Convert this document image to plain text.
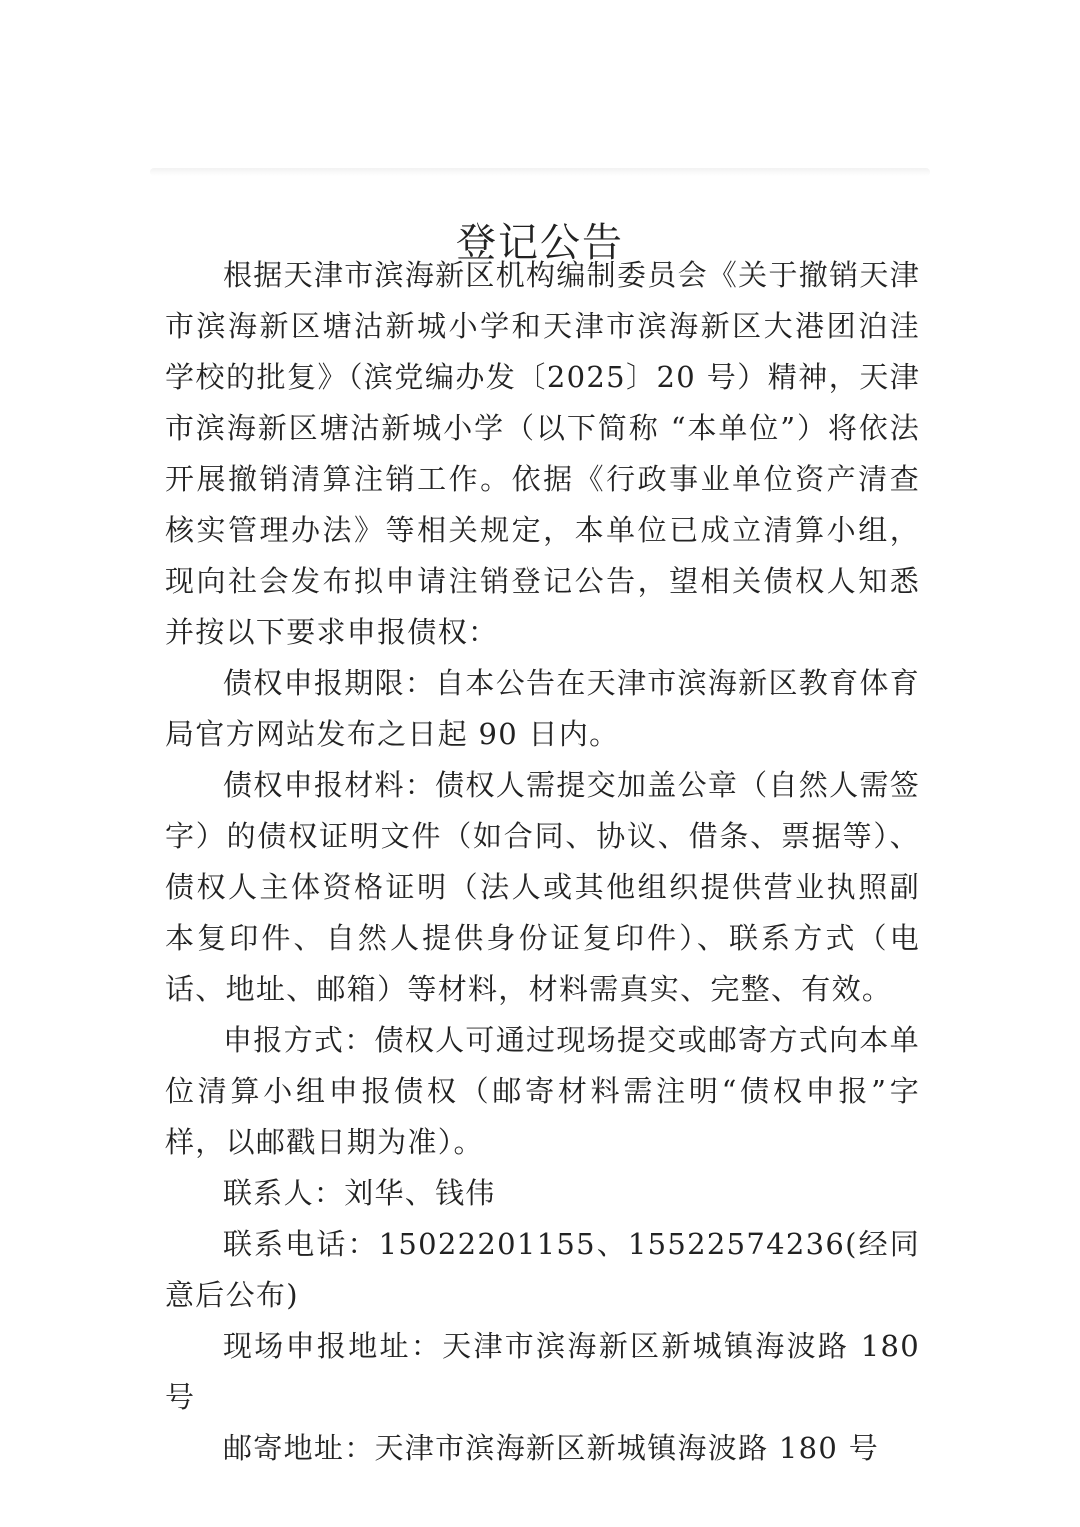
登记公告

根据天津市滨海新区机构编制委员会《关于撤销天津市滨海新区塘沽新城小学和天津市滨海新区大港团泊洼学校的批复》（滨党编办发〔2025〕20 号）精神，天津市滨海新区塘沽新城小学（以下简称 “本单位”）将依法开展撤销清算注销工作。依据《行政事业单位资产清查核实管理办法》等相关规定，本单位已成立清算小组，现向社会发布拟申请注销登记公告，望相关债权人知悉并按以下要求申报债权：

债权申报期限：自本公告在天津市滨海新区教育体育局官方网站发布之日起 90 日内。

债权申报材料：债权人需提交加盖公章（自然人需签字）的债权证明文件（如合同、协议、借条、票据等）、债权人主体资格证明（法人或其他组织提供营业执照副本复印件、自然人提供身份证复印件）、联系方式（电话、地址、邮箱）等材料，材料需真实、完整、有效。

申报方式：债权人可通过现场提交或邮寄方式向本单位清算小组申报债权（邮寄材料需注明“债权申报”字样，以邮戳日期为准）。

联系人：刘华、钱伟

联系电话：15022201155、15522574236(经同意后公布)

现场申报地址：天津市滨海新区新城镇海波路 180 号

邮寄地址：天津市滨海新区新城镇海波路 180 号
